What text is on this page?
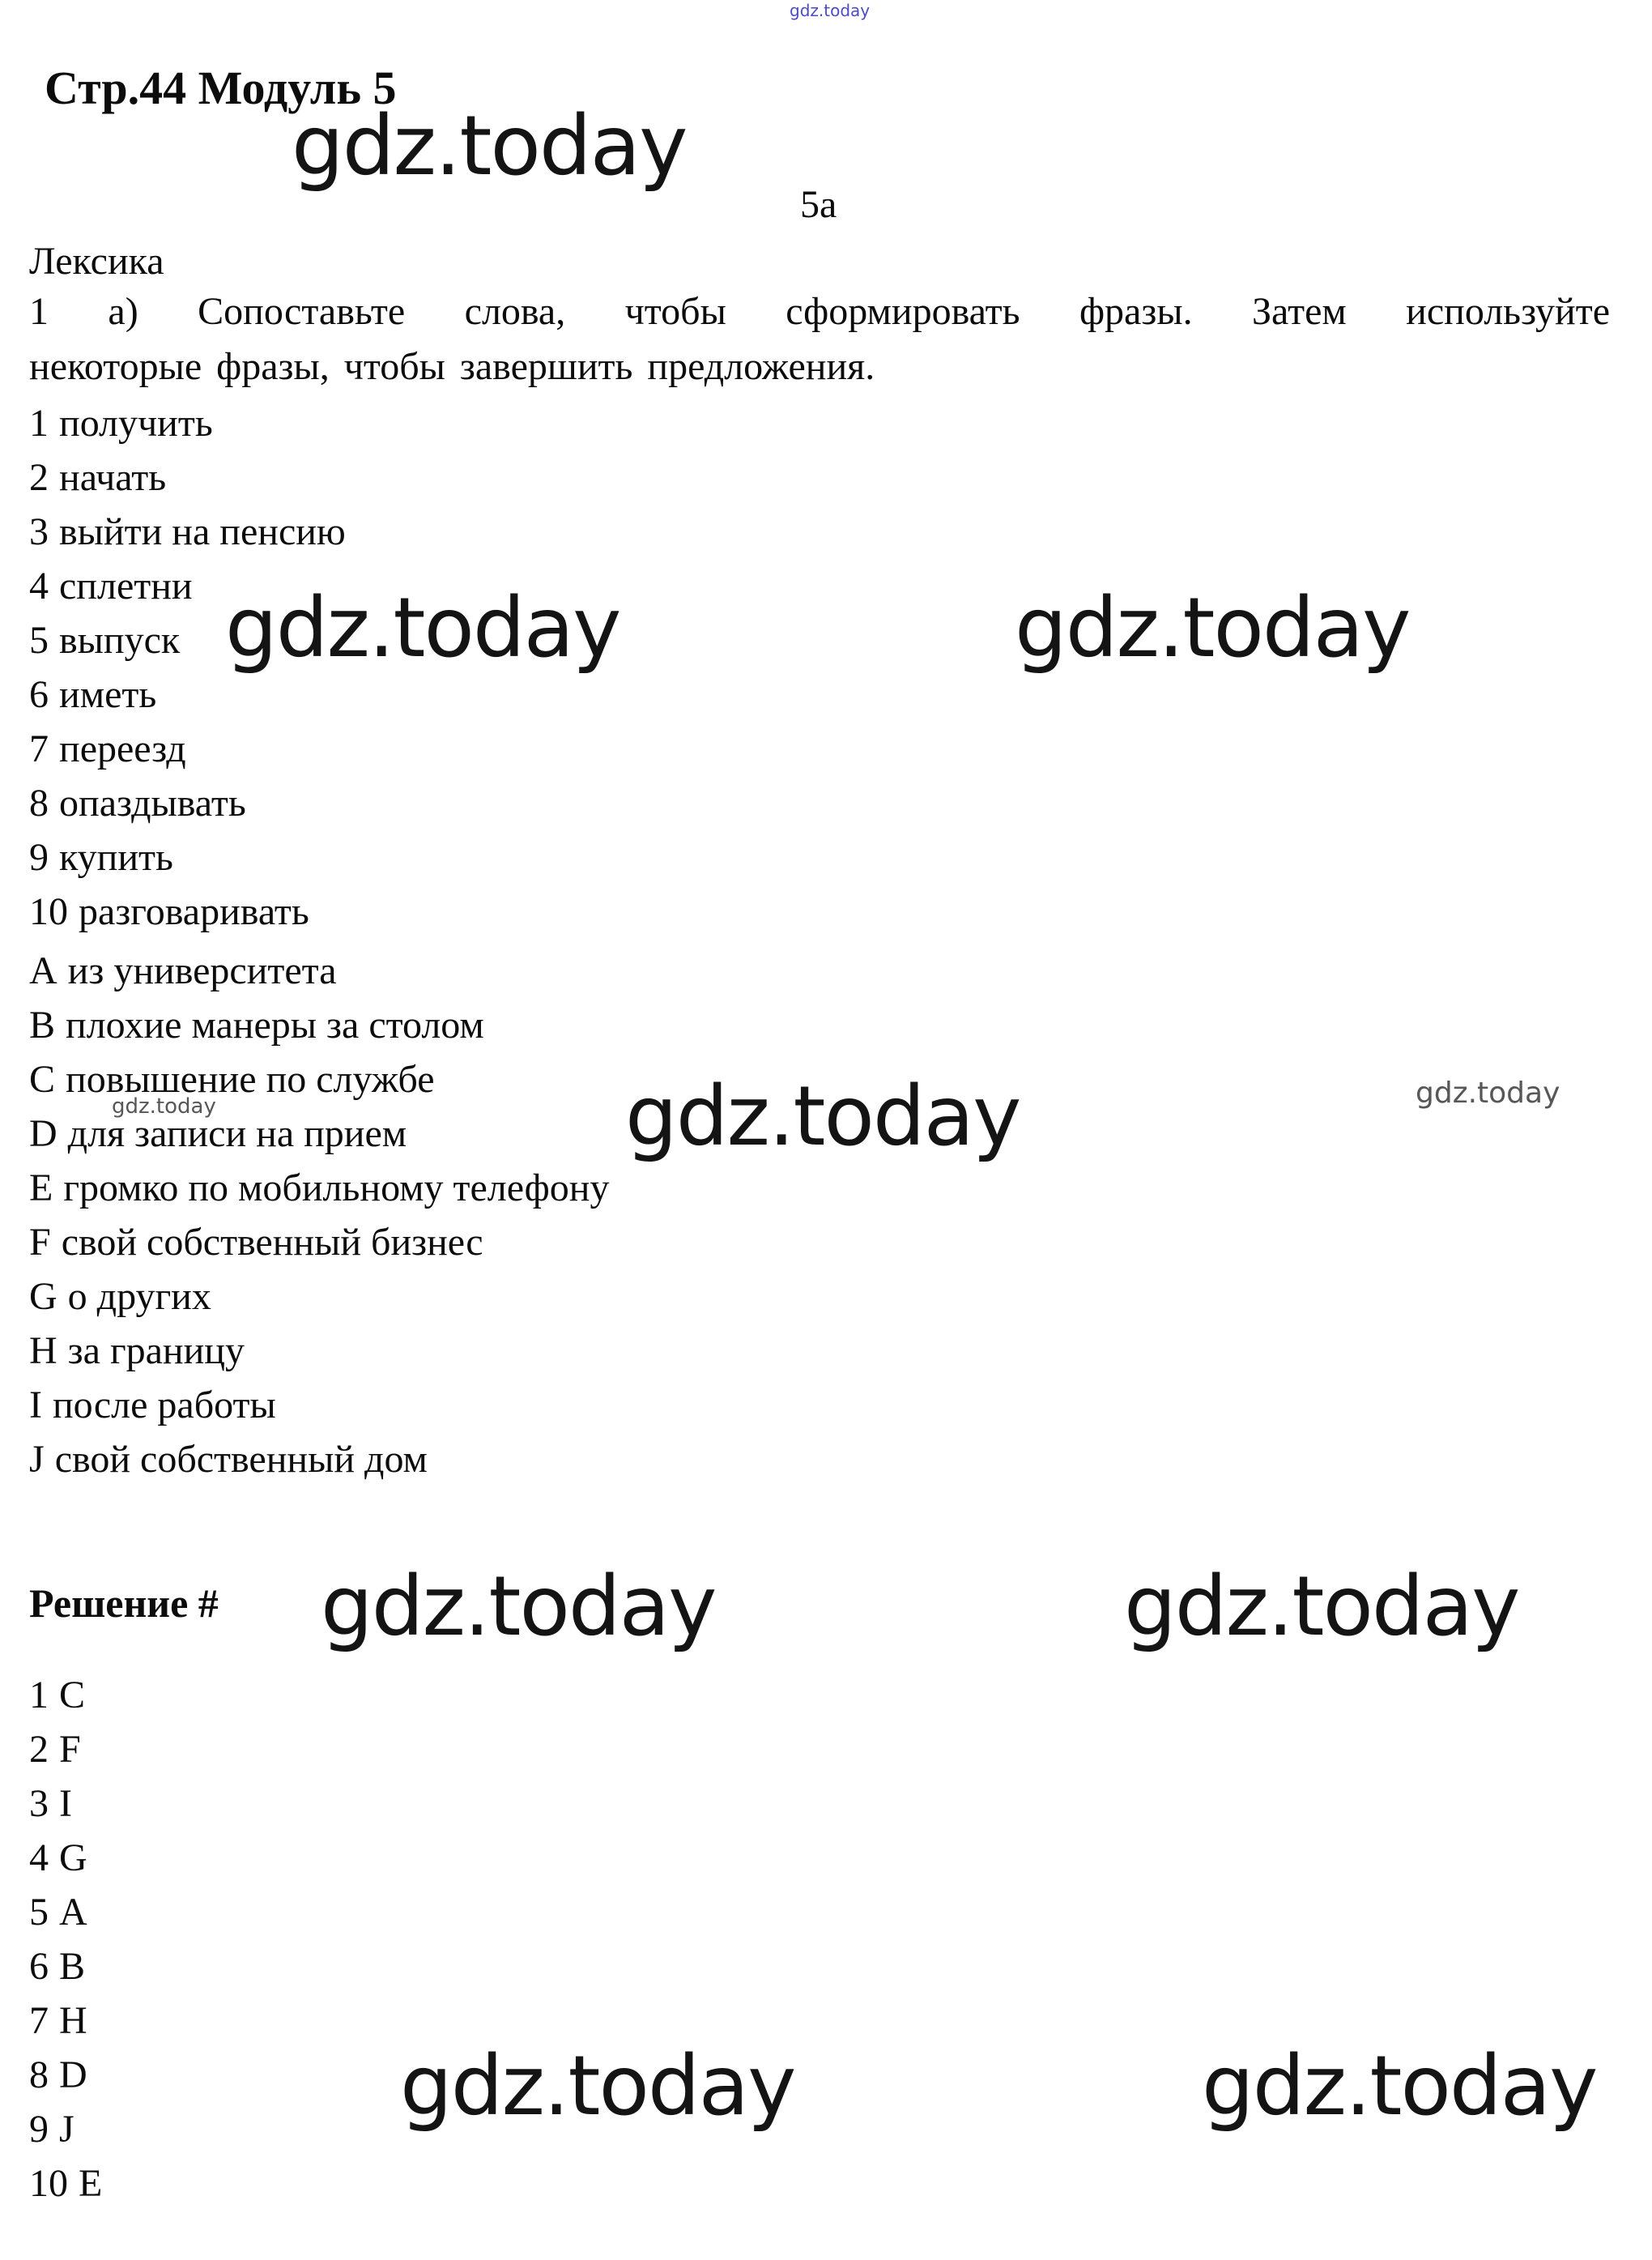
gdz.today
gdz.today
gdz.today	gdz.today
gdz.today	gdz.today	gdz.today
gdz.today	gdz.today
gdz.today	gdz.today
Стр.44 Модуль 5
5а
Лексика
1 а) Сопоставьте слова, чтобы сформировать фразы. Затем используйте
некоторые фразы, чтобы завершить предложения.
1 получить
2 начать
3 выйти на пенсию
4 сплетни
5 выпуск
6 иметь
7 переезд
8 опаздывать
9 купить
10 разговаривать
A из университета
B плохие манеры за столом
C повышение по службе
D для записи на прием
E громко по мобильному телефону
F свой собственный бизнес
G о других
H за границу
I после работы
J свой собственный дом
Решение #
1 C
2 F
3 I
4 G
5 A
6 B
7 H
8 D
9 J
10 E
